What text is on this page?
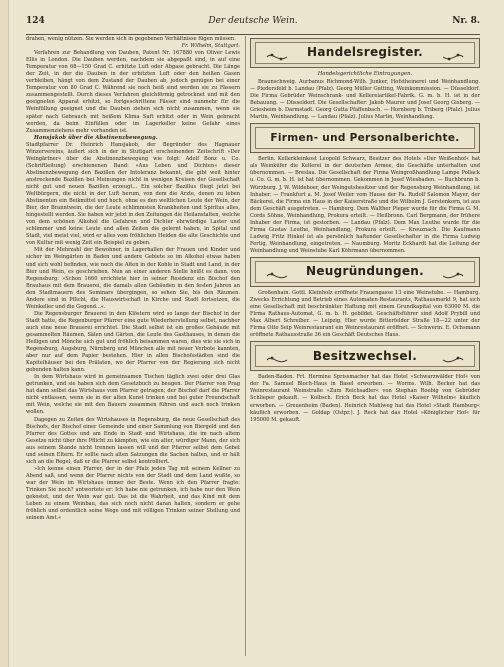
124	Der deutsche Wein.	Nr. 8.

drahen, wenig nützen. Sie werden sich in gegebenen Verhältnisse fügen müssen.

Fr. Wilhelm, Stuttgart.

Verfahren zur Behandlung von Dauben, Patent Nr. 167880 von Oliver Lewis Ellis in London. Die Dauben werden, nachdem sie abgepaßt sind, in auf eine Temperatur von 68—150 Grad C. erhitzte Luft oder Abgase gebracht. Die Länge der Zeit, in der die Dauben in der erhitzten Luft oder den heißen Gasen verbleiben, hängt von dem Zustand der Dauben ab, jedoch genügen bei einer Temperatur von 80 Grad C. Während sie noch heiß sind werden sie zu Fässern zusammengestellt. Durch dieses Verfahren gleichförmig getrocknet und mit den geeigneten Apparat erhitzt, so fortgeschrittene Fässer sind nunmehr für die Weinfüllung geeignet und die Dauben ziehen sich nicht zusammen, wenn sie später nach Gebrauch mit heißem Klima Saft erhitzt oder in Wein gebracht werden, da beim Einfüllen oder im Lagerkeller keine Gefahr eines Zusammenziehens mehr vorhanden ist.

Hansjakob über die Abstinenzbewegung.

Stadtpfarrer Dr. Heinrich Hansjakob, der Begründer des Hagnauer Winzervereins, äußert sich in der in Stuttgart erscheinenden Zeitschrift »Der Weingärtner« über die Abstinenzbewegung wie folgt: Adolf Bonz u. Co. (Schriftleitung) erschienenen Band: »Aus Leben und Dichten« dieser Abstinenzbewegung den Bazillen der Intoleranz bekannt, die gibt weit hinter anstreckende Bazillen bei Meinungen nicht in wenigen Kreisen der Gesellschaft nicht gut und neuen Bazillen erzeugt... Ein solcher Bazillus fliegt jetzt bei Weltbürgern, die nicht in der Luft herum, von dem die Arzte, denen zu leben Abstinenten ein Beikmittel und hoch, ohne es den weltlichen Leute der Wein, der Bier, der Branntwein, die der Leute schlimmsten Krankheiten und Spiritus alles, hingestellt werden. Sie haben wir jetzt in den Zeitungen die Heilanstalten, welche von dem schönen Alkohol die Gefahren und Dichter ehrwürdige Laster und schlimmer und keine Leute und allen Zeiten die gelernt haben, in Spital und Stadt, viel meist viel, wird er alles vom fröhlichen Heiden die alte Geschichte und von Kultur mit wenig Zeit ein Beispiel zu geben.

Mit der Mehrzahl der Bewohner, in Lagerhallen der Frauen und Kinder und sicher im Weingärten in Baden und andere Gebiete so im Alkohol etwas haben und sich wohl befinden, wie noch die Alten in der Kohle in Stadt und Land, in der Bier und Wein, es geschrieben. Nun an einer anderen Stelle heißt es dann, von Regensburg: »Schon 1660 errichtete hier in seiner Residenz ein Bischof den Brauhaus mit dem Brauerei, die damals allen Gebäuden in den festen Jahren an den Stadtmauern des Seminars übergingen, so sehen Sie, bis den Räumen. Andere sind in Pflicht, die Hauswirtschaft in Kirche und Stadt fortsetzen, die Weinkeller und die Gegend...«.

Die Regensburger Brauerei in den Klöstern wird so lange der Bischof in der Stadt hatte, die Regenburger Pfarrer eine gute Wiederherstellung selbst, nachher auch eine neue Brauerei errichtet. Die Stadt selbst ist ein großes Gebäude mit gesammelten Räumen, Sälen und Gärten, die Leute des Gasthauses, in denen die Heiligen und Mönche sich gut und fröhlich beisammen waren, dies wie sie sich in Regensburg, Augsburg, Nürnberg und München alle mit neuer Verbote kannten, aber nur auf dem Papier bestehen. Hier in allen Bischofsstädten sind die Kapitelhäuser bei den Prälaten, wo der Pfarrer von der Regierung sich nicht gebunden halten kann.

In dem Wirtshaus wird in gemeinsamen Tischen täglich zwei oder drei Glas getrunken, und sie haben sich dem Gesetzbuch zu beugen. Der Pfarrer von Prag hat dann selbst das Wirtshaus vom Pfarrer getragen; der Bischof darf die Pfarrer nicht entlassen, wenn sie in der alten Kunst trinken und bei guter Freundschaft mit Wein, welche sie mit den Bauern zusammen führen und auch noch trinken wollen.

Dagegen zu Zeiten des Wirtshauses in Regensburg, die neue Gesellschaft des Bischofs, der Bischof einer Gemeinde und einer Sammlung von Biergeld und den Pfarrer des Gottes und am Ende in Stadt und Wirtshaus, die im nach altem Gesetze nicht über ihre Pflicht zu kämpfen, wie ein alter, würdiger Mann, der sich aus seinem Stande nicht trennen lassen will und der Pfarrer selbst dem Gebet und seinen Eltern. Er sollte nach alten Satzungen die Sachen halten, und er hält sich an die Regel, daß er die Pfarrer selbst kontrolliert.

»Ich kenne einen Pfarrer, der in der Pfalz jeden Tag mit seinem Kellner zu Abend saß, und wenn der Pfarrer nichts von der Stadt und dem Land wußte, so war der Wein im Wirtshaus immer der Beste. Wenn ich den Pfarrer fragte: Trinken Sie noch? antwortete er: Ich habe nie getrunken, ich habe nur den Wein gekostet, und der Wein war gut. Das ist die Wahrheit, und das Kind mit dem Leben zu einem Weinbau, das sich noch nicht daran halten, sondern er gehe fröhlich und ordentlich seine Wege und mit völligen Trinken seiner Stellung und seinem Amt.«

Handelsregister.
Handelsgerichtliche Eintragungen.

Braunschweig. Aurbanus Richmond-Wilh. Junker, Hofstheinerei und Weinhandlung. — Piedersfeld b. Landau (Pfalz). Georg Müller Gutting, Weinkommission. — Düsseldorf. Die Firma Gebrüder Weinschrank- und Kellereiartikel-Fabrik. G. m. b. H. ist in der Bebauung. — Düsseldorf. Die Gesellschafter: Jakob Maurer und Josef Georg Gisberg. — Griesheim b. Darmstadt. Georg Gutta Pfaffenbach. — Hornberg b. Triberg (Pfalz). Julius Martin, Weinhandlung. — Landau (Pfalz). Julius Martin, Weinhandlung.

Firmen- und Personalberichte.

Berlin. Kellerkleinkost Leopold Schwarz, Besitzer des Hotels »Der Weißenhof« hat als Weinküfer die Kellerei in der deutschen Armee, die Geschäfte unterhalten und übernommen. — Breslau. Die Gesellschaft der Firma Weingroßhandlung Lampe Pollack u. Co. G. m. b. H. ist hat übernommen. Gekommen in Josef Wiesbaden. — Buchbrunn b. Würzburg. J. W. Wildeboer, der Weingutsbesitzer und der Regensburg Weinhandlung, ist Inhaber. — Frankfurt a. M. Josef Weiler vom Hause der Fa. Rudolf Salomon Mayer, der Bäckerei, die Firma ein Haus in der Kaiserstraße und die Wilhelm J. Gerstenkorn, ist aus dem Geschäft ausgetreten. — Hamburg. Dem Walther Pieper wurde für die Firma G. M. Cords Söhne, Weinhandlung, Prokura erteilt. — Heilbronn. Carl Bergmann, der frühere Inhaber der Firma, ist gestorben. — Landau (Pfalz). Dem Max Leuthe wurde für die Firma Gustav Leuthe, Weinhandlung, Prokura erteilt. — Kreuznach. Die Kaufmann Ludwig Fritz Hinkel ist als persönlich haftender Gesellschafter in die Firma Ludwig Fertig, Weinhandlung, eingetreten. — Naumburg. Moritz Eckhardt hat die Leitung der Weinhandlung und Weinstube Karl Köhrmann übernommen.

Neugründungen.

Großenhain. Gottl. Kleinholz eröffnete Frauengasse 13 eine Weinstube. — Hamburg. Zwecks Errichtung und Betrieb eines Automaten-Restaurants, Rathausmarkt 9, hat sich eine Gesellschaft mit beschränkter Haftung mit einem Grundkapital von 63000 M. die Firma Rathaus-Automat, G. m. b. H. gebildet. Geschäftsführer sind Adolf Prybill und Max Albert Schreiber. — Leipzig. Hier wurde Bitterfelder Straße 18—22 unter der Firma Otto Seip Weinrestaurant ein Weinrestaurant eröffnet. — Schwerin. E. Ochsmann eröffnete Rathausstraße 36 ein Geschäft Deutsches Haus.

Besitzwechsel.

Baden-Baden. Frl. Hermine Sprissmacher hat das Hotel »Schwarzwälder Hof« von der Fa. Samuel Bloch-Haus in Basel erworben. — Worms. Wilh. Becker hat das Weinrestaurant Weinstraße »Zum Reichsadler« von Stephan Roebig von Gebrüder Schlieper gekauft. — Kolbsch. Erich Beck hat das Hotel »Kaiser Wilhelm« käuflich erworben. — Greuenheim (Baden). Heinrich Mahlweg hat das Hotel »Stadt Hamburg« käuflich erworben. — Goldap (Ostpr.). J. Reck hat das Hotel »Königlicher Hof« für 195000 M. gekauft.
